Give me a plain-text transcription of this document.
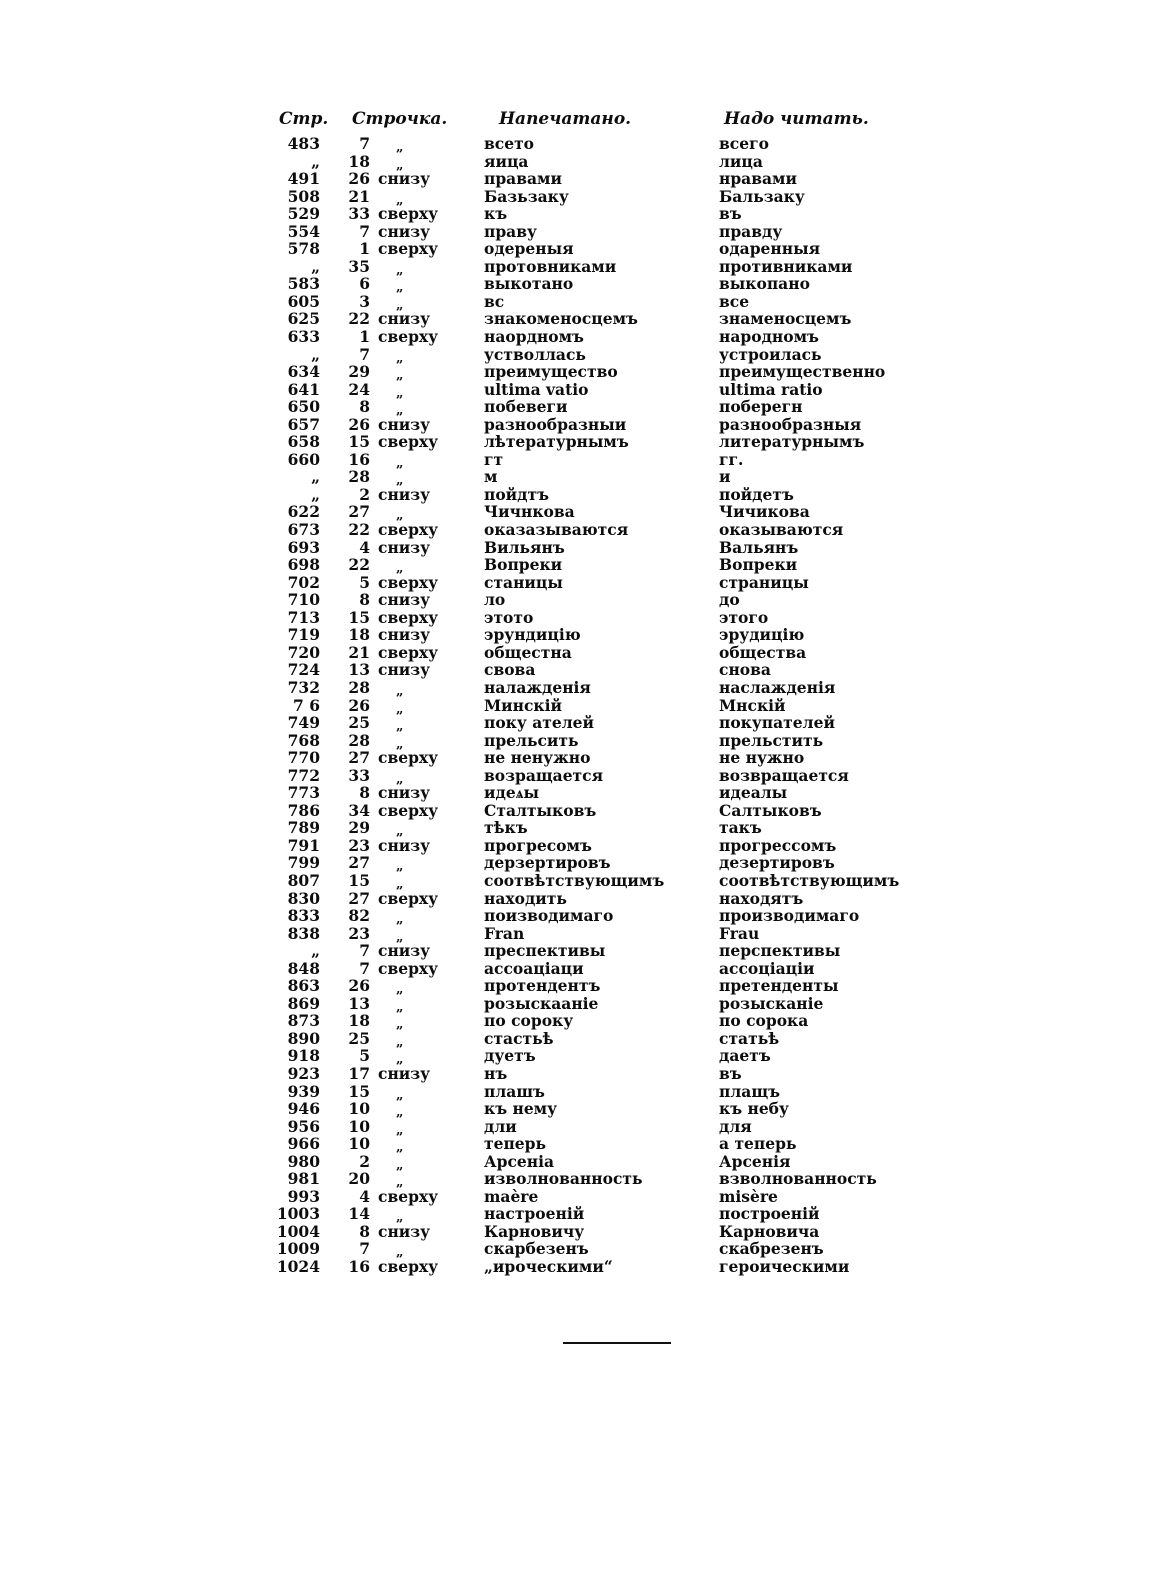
Стр. Строчка.	Напечатано.	Надо читать.
483	7 „	всето	всего
„	18 „	яица	лица
491	26 снизу	правами	нравами
508	21 „	Базьзаку	Бальзаку
529	33 сверху	къ	въ
554	7 снизу	праву	правду
578	1 сверху	одереныя	одаренныя
„	35 „	протовниками	противниками
583	6 „	выкотано	выкопано
605	3 „	вс	все
625	22 снизу	знакоменосцемъ	знаменосцемъ
633	1 сверху	наордномъ	народномъ
„	7 „	устволлась	устроилась
634	29 „	преимущество	преимущественно
641	24 „	ultima vatio	ultima ratio
650	8 „	побевеги	поберегн
657	26 снизу	разнообразныи	разнообразныя
658	15 сверху	лѣтературнымъ	литературнымъ
660	16 „	гт	гг.
„	28 „	м	и
„	2 снизу	пойдтъ	пойдетъ
622	27 „	Чичнкова	Чичикова
673	22 сверху	оказазываются	оказываются
693	4 снизу	Вильянъ	Вальянъ
698	22 „	Вопреки	Вопреки
702	5 сверху	станицы	страницы
710	8 снизу	ло	до
713	15 сверху	этото	этого
719	18 снизу	эрундицію	эрудицію
720	21 сверху	общестна	общества
724	13 снизу	свова	снова
732	28 „	налажденія	наслажденія
7 6	26 „	Минскій	Мнскій
749	25 „	поку ателей	покупателей
768	28 „	прельсить	прельстить
770	27 сверху	не ненужно	не нужно
772	33 „	возращается	возвращается
773	8 снизу	идеѧы	идеалы
786	34 сверху	Сталтыковъ	Салтыковъ
789	29 „	тѣкъ	такъ
791	23 снизу	прогресомъ	прогрессомъ
799	27 „	дерзертировъ	дезертировъ
807	15 „	соотвѣтствующимъ	соотвѣтствующимъ
830	27 сверху	находить	находятъ
833	82 „	поизводимаго	производимаго
838	23 „	Fran	Frau
„	7 снизу	преспективы	перспективы
848	7 сверху	ассоаціаци	ассоціаціи
863	26 „	протендентъ	претенденты
869	13 „	розыскааніе	розысканіе
873	18 „	по сороку	по сорока
890	25 „	стастьѣ	статьѣ
918	5 „	дуетъ	даетъ
923	17 снизу	нъ	въ
939	15 „	плашъ	плащъ
946	10 „	къ нему	къ небу
956	10 „	дли	для
966	10 „	теперь	а теперь
980	2 „	Арсеніа	Арсенія
981	20 „	изволнованность	взволнованность
993	4 сверху	maère	misère
1003	14 „	настроеній	построеній
1004	8 снизу	Карновичу	Карновича
1009	7 „	скарбезенъ	скабрезенъ
1024	16 сверху	„ироческими“	героическими
